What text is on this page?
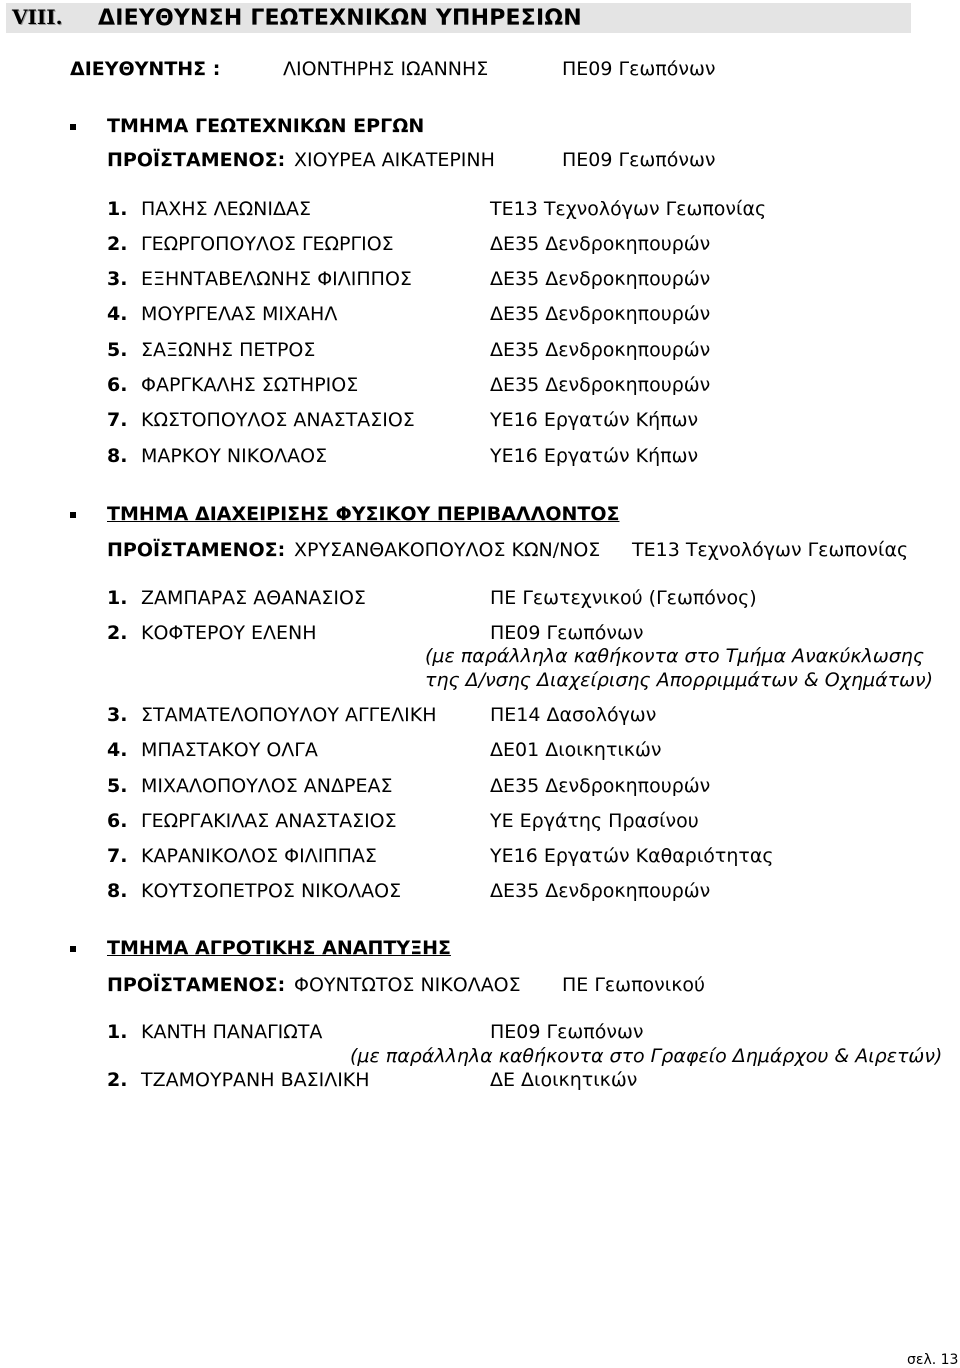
VIII. ΔΙΕΥΘΥΝΣΗ ΓΕΩΤΕΧΝΙΚΩΝ ΥΠΗΡΕΣΙΩΝ
ΔΙΕΥΘΥΝΤΗΣ :	ΛΙΟΝΤΗΡΗΣ ΙΩΑΝΝΗΣ	ΠΕ09 Γεωπόνων
ΤΜΗΜΑ ΓΕΩΤΕΧΝΙΚΩΝ ΕΡΓΩΝ
ΠΡΟΪΣΤΑΜΕΝΟΣ: ΧΙΟΥΡΕΑ ΑΙΚΑΤΕΡΙΝΗ	ΠΕ09 Γεωπόνων
1. ΠΑΧΗΣ ΛΕΩΝΙΔΑΣ	ΤΕ13 Τεχνολόγων Γεωπονίας
2. ΓΕΩΡΓΟΠΟΥΛΟΣ ΓΕΩΡΓΙΟΣ	ΔΕ35 Δενδροκηπουρών
3. ΕΞΗΝΤΑΒΕΛΩΝΗΣ ΦΙΛΙΠΠΟΣ	ΔΕ35 Δενδροκηπουρών
4. ΜΟΥΡΓΕΛΑΣ ΜΙΧΑΗΛ	ΔΕ35 Δενδροκηπουρών
5. ΣΑΞΩΝΗΣ ΠΕΤΡΟΣ	ΔΕ35 Δενδροκηπουρών
6. ΦΑΡΓΚΑΛΗΣ ΣΩΤΗΡΙΟΣ	ΔΕ35 Δενδροκηπουρών
7. ΚΩΣΤΟΠΟΥΛΟΣ ΑΝΑΣΤΑΣΙΟΣ	ΥΕ16 Εργατών Κήπων
8. ΜΑΡΚΟΥ ΝΙΚΟΛΑΟΣ	ΥΕ16 Εργατών Κήπων
ΤΜΗΜΑ ΔΙΑΧΕΙΡΙΣΗΣ ΦΥΣΙΚΟΥ ΠΕΡΙΒΑΛΛΟΝΤΟΣ
ΠΡΟΪΣΤΑΜΕΝΟΣ: ΧΡΥΣΑΝΘΑΚΟΠΟΥΛΟΣ ΚΩΝ/ΝΟΣ ΤΕ13 Τεχνολόγων Γεωπονίας
1. ΖΑΜΠΑΡΑΣ ΑΘΑΝΑΣΙΟΣ	ΠΕ Γεωτεχνικού (Γεωπόνος)
2. ΚΟΦΤΕΡΟΥ ΕΛΕΝΗ	ΠΕ09 Γεωπόνων
(με παράλληλα καθήκοντα στο Τμήμα Ανακύκλωσης
της Δ/νσης Διαχείρισης Απορριμμάτων & Οχημάτων)
3. ΣΤΑΜΑΤΕΛΟΠΟΥΛΟΥ ΑΓΓΕΛΙΚΗ	ΠΕ14 Δασολόγων
4. ΜΠΑΣΤΑΚΟΥ ΟΛΓΑ	ΔΕ01 Διοικητικών
5. ΜΙΧΑΛΟΠΟΥΛΟΣ ΑΝΔΡΕΑΣ	ΔΕ35 Δενδροκηπουρών
6. ΓΕΩΡΓΑΚΙΛΑΣ ΑΝΑΣΤΑΣΙΟΣ	ΥΕ Εργάτης Πρασίνου
7. ΚΑΡΑΝΙΚΟΛΟΣ ΦΙΛΙΠΠΑΣ	ΥΕ16 Εργατών Καθαριότητας
8. ΚΟΥΤΣΟΠΕΤΡΟΣ ΝΙΚΟΛΑΟΣ	ΔΕ35 Δενδροκηπουρών
ΤΜΗΜΑ ΑΓΡΟΤΙΚΗΣ ΑΝΑΠΤΥΞΗΣ
ΠΡΟΪΣΤΑΜΕΝΟΣ: ΦΟΥΝΤΩΤΟΣ ΝΙΚΟΛΑΟΣ ΠΕ Γεωπονικού
1. ΚΑΝΤΗ ΠΑΝΑΓΙΩΤΑ	ΠΕ09 Γεωπόνων
(με παράλληλα καθήκοντα στο Γραφείο Δημάρχου & Αιρετών)
2. ΤΖΑΜΟΥΡΑΝΗ ΒΑΣΙΛΙΚΗ	ΔΕ Διοικητικών
σελ. 13
